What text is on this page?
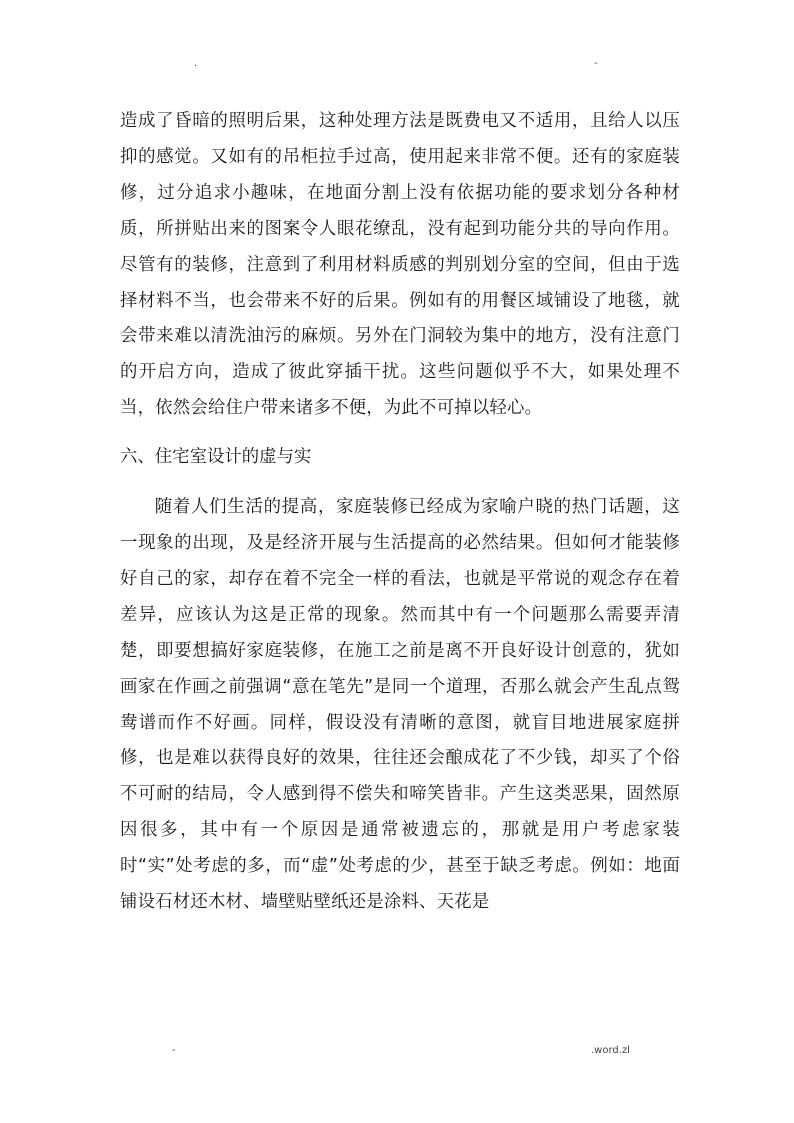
.	-

造成了昏暗的照明后果，这种处理方法是既费电又不适用，且给人以压抑的感觉。又如有的吊柜拉手过高，使用起来非常不便。还有的家庭装修，过分追求小趣味，在地面分割上没有依据功能的要求划分各种材质，所拼贴出来的图案令人眼花缭乱，没有起到功能分共的导向作用。尽管有的装修，注意到了利用材料质感的判别划分室的空间，但由于选择材料不当，也会带来不好的后果。例如有的用餐区域铺设了地毯，就会带来难以清洗油污的麻烦。另外在门洞较为集中的地方，没有注意门的开启方向，造成了彼此穿插干扰。这些问题似乎不大，如果处理不当，依然会给住户带来诸多不便，为此不可掉以轻心。

六、住宅室设计的虚与实

随着人们生活的提高，家庭装修已经成为家喻户晓的热门话题，这一现象的出现，及是经济开展与生活提高的必然结果。但如何才能装修好自己的家，却存在着不完全一样的看法，也就是平常说的观念存在着差异，应该认为这是正常的现象。然而其中有一个问题那么需要弄清楚，即要想搞好家庭装修，在施工之前是离不开良好设计创意的，犹如画家在作画之前强调“意在笔先”是同一个道理，否那么就会产生乱点鸳鸯谱而作不好画。同样，假设没有清晰的意图，就盲目地进展家庭拼修，也是难以获得良好的效果，往往还会酿成花了不少钱，却买了个俗不可耐的结局，令人感到得不偿失和啼笑皆非。产生这类恶果，固然原因很多，其中有一个原因是通常被遗忘的，那就是用户考虑家装时“实”处考虑的多，而“虚”处考虑的少，甚至于缺乏考虑。例如：地面铺设石材还木材、墙壁贴壁纸还是涂料、天花是

-	.word.zl
